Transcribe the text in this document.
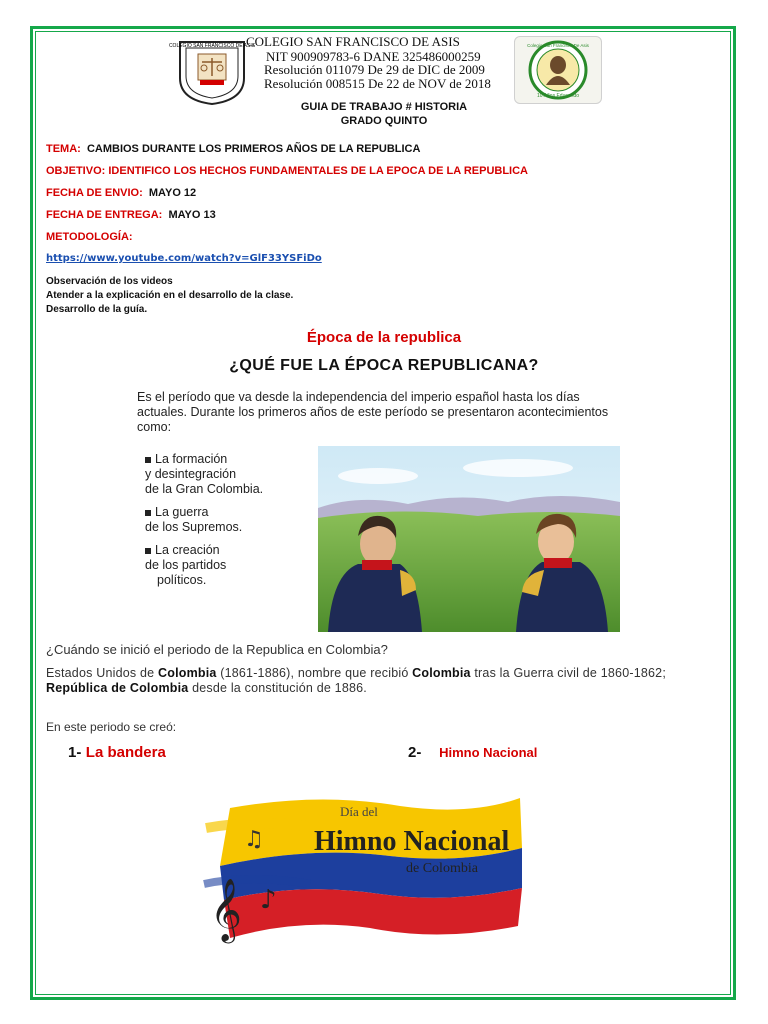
COLEGIO SAN FRANCISCO DE ASIS
COLEGIO SAN FRANCISCO DE ASIS
NIT 900909783-6 DANE 325486000259
Resolución 011079 De 29 de DIC de 2009
Resolución 008515 De 22 de NOV de 2018
Colegio San Francisco De Asis
10 Años Educando
GUIA DE TRABAJO # HISTORIA
GRADO QUINTO
TEMA: CAMBIOS DURANTE LOS PRIMEROS AÑOS DE LA REPUBLICA
OBJETIVO: IDENTIFICO LOS HECHOS FUNDAMENTALES DE LA EPOCA DE LA REPUBLICA
FECHA DE ENVIO: MAYO 12
FECHA DE ENTREGA: MAYO 13
METODOLOGÍA:
https://www.youtube.com/watch?v=GlF33YSFiDo
Observación de los videos
Atender a la explicación en el desarrollo de la clase.
Desarrollo de la guía.
Época de la republica
¿QUÉ FUE LA ÉPOCA REPUBLICANA?
Es el período que va desde la independencia del imperio español hasta los días actuales. Durante los primeros años de este período se presentaron acontecimientos como:
La formación
y desintegración
de la Gran Colombia.
La guerra
de los Supremos.
La creación
de los partidos
políticos.
¿Cuándo se inició el periodo de la Republica en Colombia?
Estados Unidos de Colombia (1861-1886), nombre que recibió Colombia tras la Guerra civil de 1860-1862; República de Colombia desde la constitución de 1886.
En este periodo se creó:
1- La bandera	2- Himno Nacional
𝄞
♫
♪
Día del
Himno Nacional
de Colombia
